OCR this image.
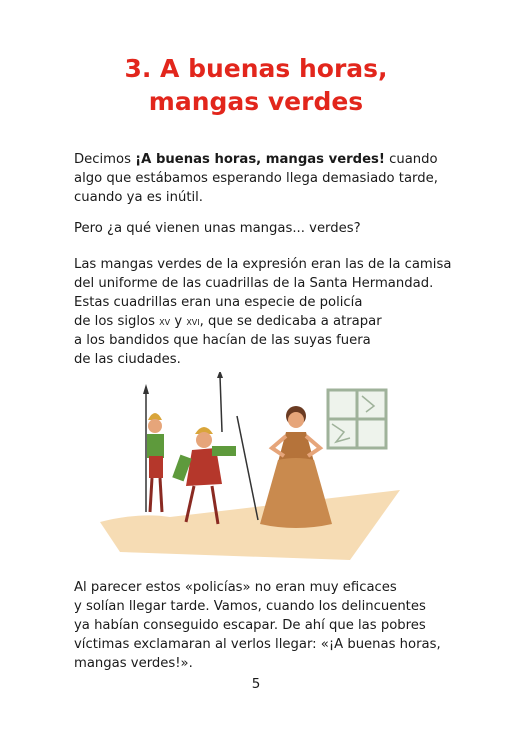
3. A buenas horas,
mangas verdes
Decimos ¡A buenas horas, mangas verdes! cuando
algo que estábamos esperando llega demasiado tarde,
cuando ya es inútil.
Pero ¿a qué vienen unas mangas... verdes?
Las mangas verdes de la expresión eran las de la camisa
del uniforme de las cuadrillas de la Santa Hermandad.
Estas cuadrillas eran una especie de policía
de los siglos xv y xvi, que se dedicaba a atrapar
a los bandidos que hacían de las suyas fuera
de las ciudades.
Al parecer estos «policías» no eran muy eficaces
y solían llegar tarde. Vamos, cuando los delincuentes
ya habían conseguido escapar. De ahí que las pobres
víctimas exclamaran al verlos llegar: «¡A buenas horas,
mangas verdes!».
5
